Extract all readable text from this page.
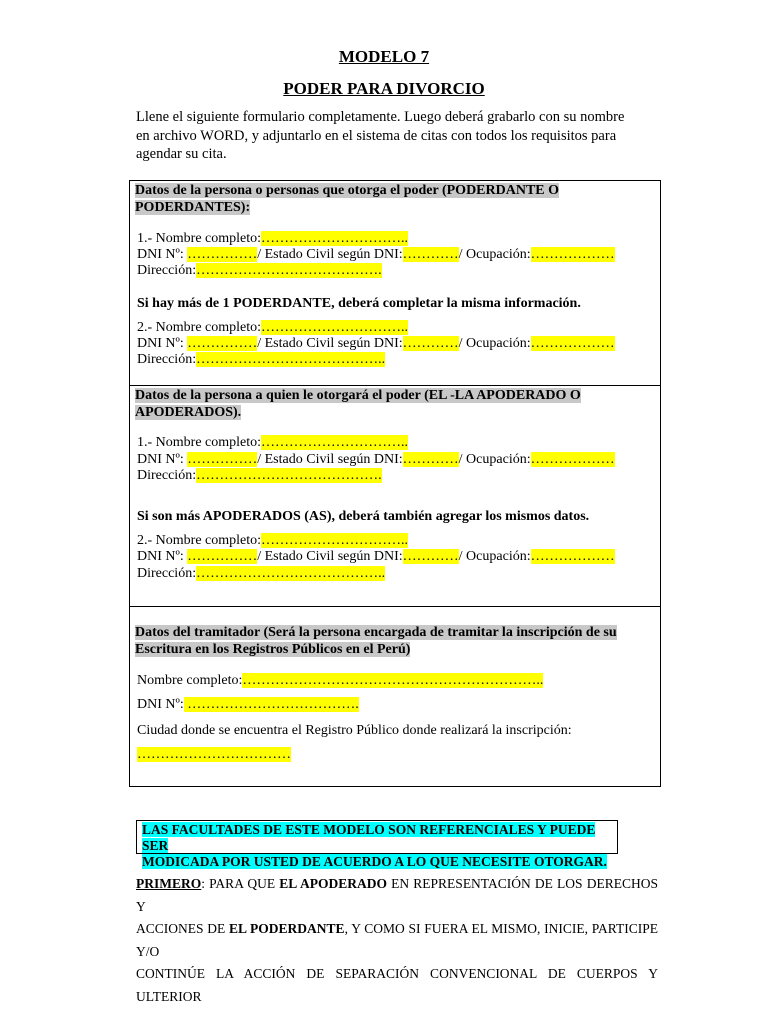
MODELO 7
PODER PARA DIVORCIO
Llene el siguiente formulario completamente. Luego deberá grabarlo con su nombre
en archivo WORD, y adjuntarlo en el sistema de citas con todos los requisitos para
agendar su cita.
Datos de la persona o personas que otorga el poder (PODERDANTE O
PODERDANTES):
1.- Nombre completo:…………………………..
DNI Nº: ……………/ Estado Civil según DNI:…………/ Ocupación:………………
Dirección:………………………………….
Si hay más de 1 PODERDANTE, deberá completar la misma información.
2.- Nombre completo:…………………………..
DNI Nº: ……………/ Estado Civil según DNI:…………/ Ocupación:………………
Dirección:…………………………………..
Datos de la persona a quien le otorgará el poder (EL -LA APODERADO O
APODERADOS).
1.- Nombre completo:…………………………..
DNI Nº: ……………/ Estado Civil según DNI:…………/ Ocupación:………………
Dirección:………………………………….
Si son más APODERADOS (AS), deberá también agregar los mismos datos.
2.- Nombre completo:…………………………..
DNI Nº: ……………/ Estado Civil según DNI:…………/ Ocupación:………………
Dirección:…………………………………..
Datos del tramitador (Será la persona encargada de tramitar la inscripción de su
Escritura en los Registros Públicos en el Perú)
Nombre completo:………………………………………………………..
DNI Nº: ……………………………….
Ciudad donde se encuentra el Registro Público donde realizará la inscripción:
……………………………
LAS FACULTADES DE ESTE MODELO SON REFERENCIALES Y PUEDE SER
MODICADA POR USTED DE ACUERDO A LO QUE NECESITE OTORGAR.
PRIMERO: PARA QUE EL APODERADO EN REPRESENTACIÓN DE LOS DERECHOS Y
ACCIONES DE EL PODERDANTE, Y COMO SI FUERA EL MISMO, INICIE, PARTICIPE Y/O
CONTINÚE LA ACCIÓN DE SEPARACIÓN CONVENCIONAL DE CUERPOS Y ULTERIOR
